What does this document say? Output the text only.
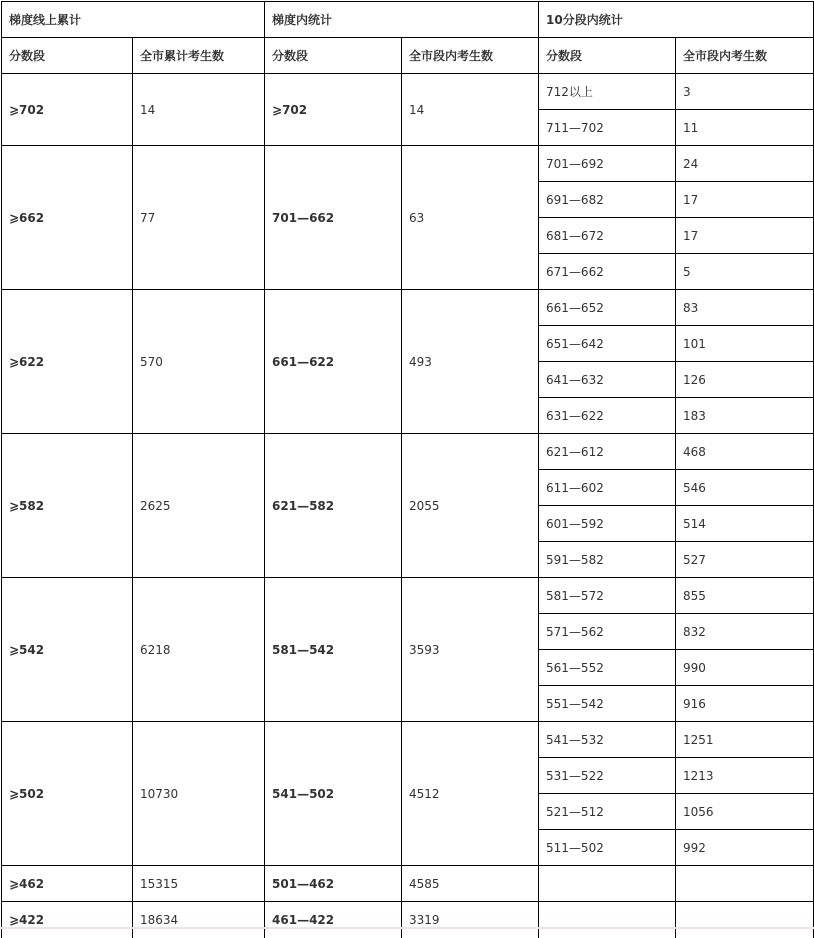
梯度线上累计		梯度内统计		10分段内统计	
分数段	全市累计考生数	分数段	全市段内考生数	分数段	全市段内考生数
⩾702	14	⩾702	14	712以上	3
				711—702	11
⩾662	77	701—662	63	701—692	24
				691—682	17
				681—672	17
				671—662	5
⩾622	570	661—622	493	661—652	83
				651—642	101
				641—632	126
				631—622	183
⩾582	2625	621—582	2055	621—612	468
				611—602	546
				601—592	514
				591—582	527
⩾542	6218	581—542	3593	581—572	855
				571—562	832
				561—552	990
				551—542	916
⩾502	10730	541—502	4512	541—532	1251
				531—522	1213
				521—512	1056
				511—502	992
⩾462	15315	501—462	4585		
⩾422	18634	461—422	3319		
